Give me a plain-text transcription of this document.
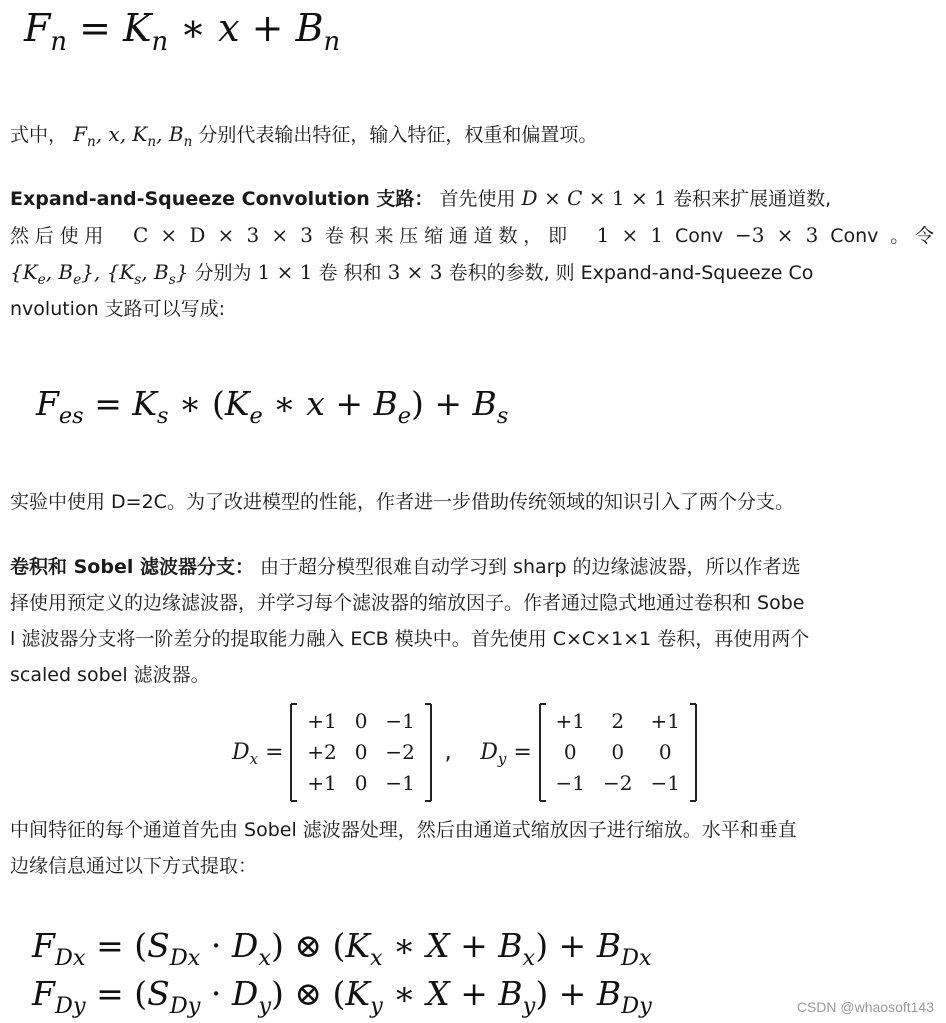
$F_n = K_n$ ∗ $x + B_n$
式中， $F_n$, x, $K_n$, $B_n$ 分别代表输出特征，输入特征，权重和偏置项。
Expand-and-Squeeze Convolution 支路： 首先使用 D × C × 1 × 1 卷积来扩展通道数,
然后使用 C × D × 3 × 3 卷积来压缩通道数，即 1 × 1 Conv −3 × 3 Conv 。令
{$K_e$, $B_e$}, {$K_s$, $B_s$} 分别为 1 × 1 卷 积和 3 × 3 卷积的参数, 则 Expand-and-Squeeze Co
nvolution 支路可以写成:
$F_{es} = K_s$ ∗ ($K_e$ ∗ $x + B_e) + B_s$
实验中使用 D=2C。为了改进模型的性能，作者进一步借助传统领域的知识引入了两个分支。
卷积和 Sobel 滤波器分支： 由于超分模型很难自动学习到 sharp 的边缘滤波器，所以作者选
择使用预定义的边缘滤波器，并学习每个滤波器的缩放因子。作者通过隐式地通过卷积和 Sobe
l 滤波器分支将一阶差分的提取能力融入 ECB 模块中。首先使用 C×C×1×1 卷积，再使用两个
scaled sobel 滤波器。
$D_x$ =
+1	0	−1
+2	0	−2
+1	0	−1
, $D_y$ =
+1	2	+1
0	0	0
−1	−2	−1
中间特征的每个通道首先由 Sobel 滤波器处理，然后由通道式缩放因子进行缩放。水平和垂直
边缘信息通过以下方式提取：
$F_{Dx} = (S_{Dx} \cdot D_x)$ ⊗ ($K_x$ ∗ $X + B_x) + B_{Dx}$
$F_{Dy} = (S_{Dy} \cdot D_y)$ ⊗ ($K_y$ ∗ $X + B_y) + B_{Dy}$	CSDN @whaosoft143
